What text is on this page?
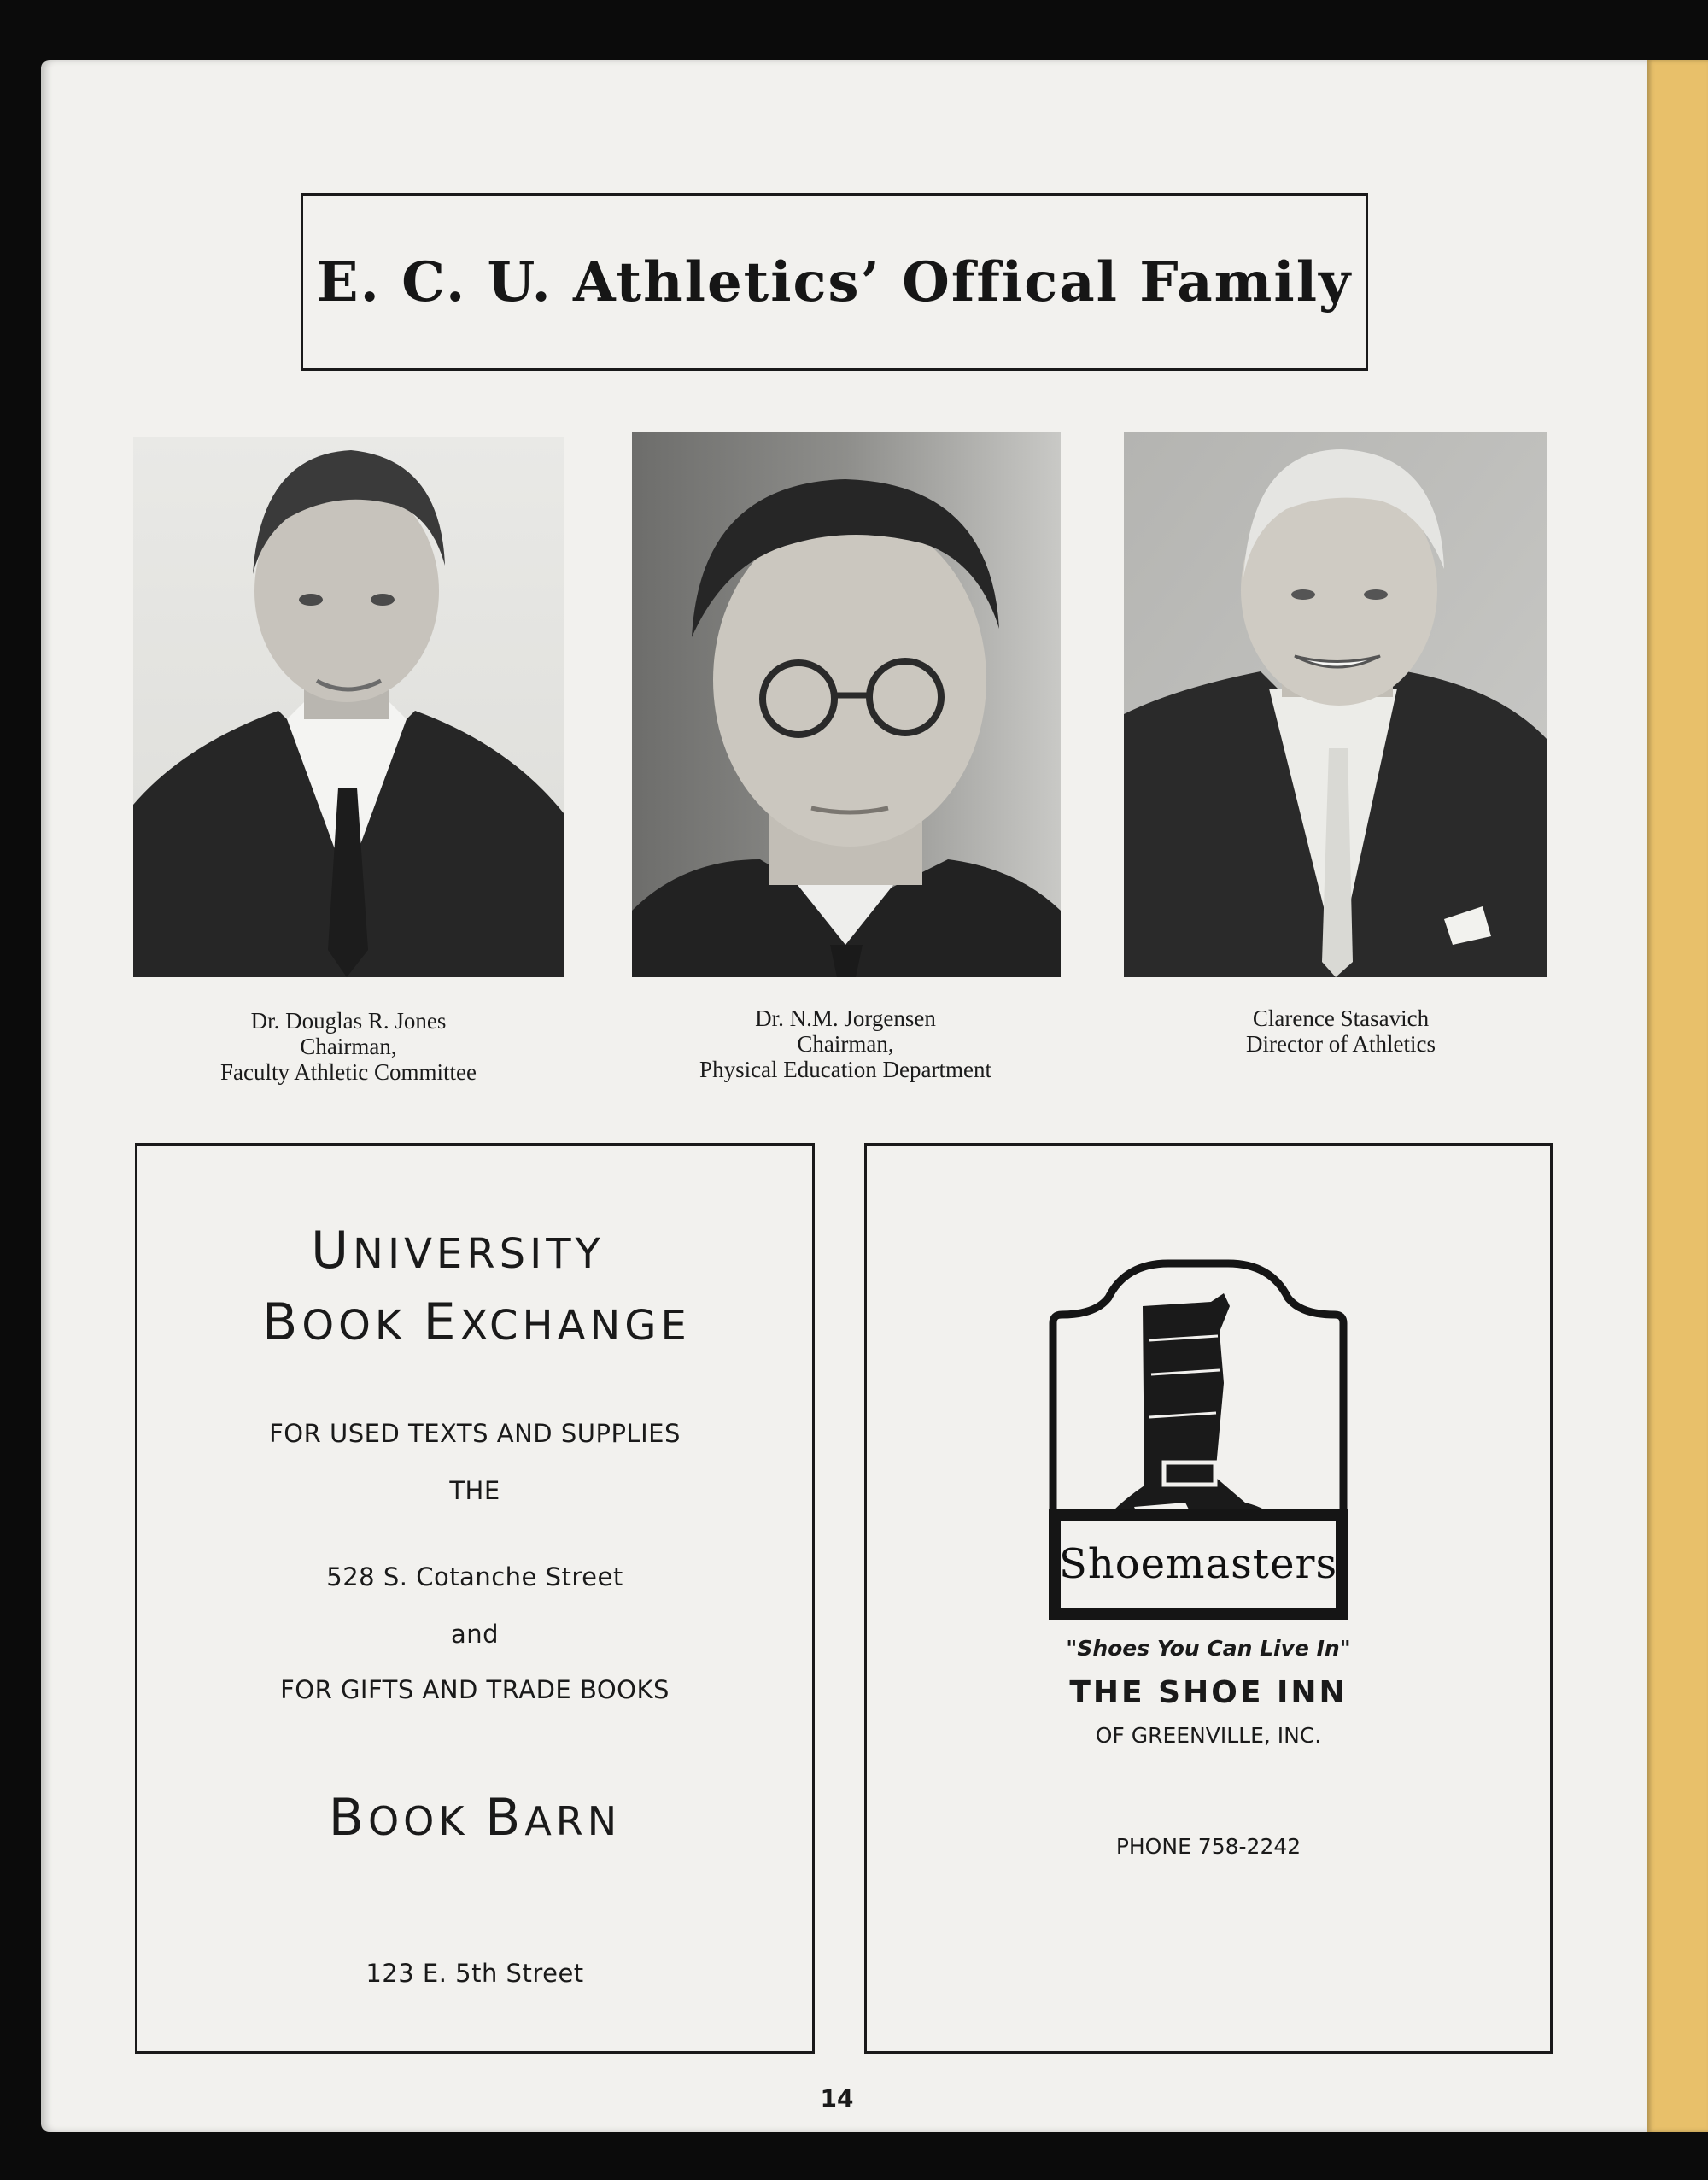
E. C. U. Athletics’ Offical Family
Dr. Douglas R. Jones
Chairman,
Faculty Athletic Committee
Dr. N.M. Jorgensen
Chairman,
Physical Education Department
Clarence Stasavich
Director of Athletics
UNIVERSITY
BOOK EXCHANGE
FOR USED TEXTS AND SUPPLIES
THE
528 S. Cotanche Street
and
FOR GIFTS AND TRADE BOOKS
BOOK BARN
123 E. 5th Street
Shoemasters
"Shoes You Can Live In"
THE SHOE INN
OF GREENVILLE, INC.
PHONE 758-2242
14
